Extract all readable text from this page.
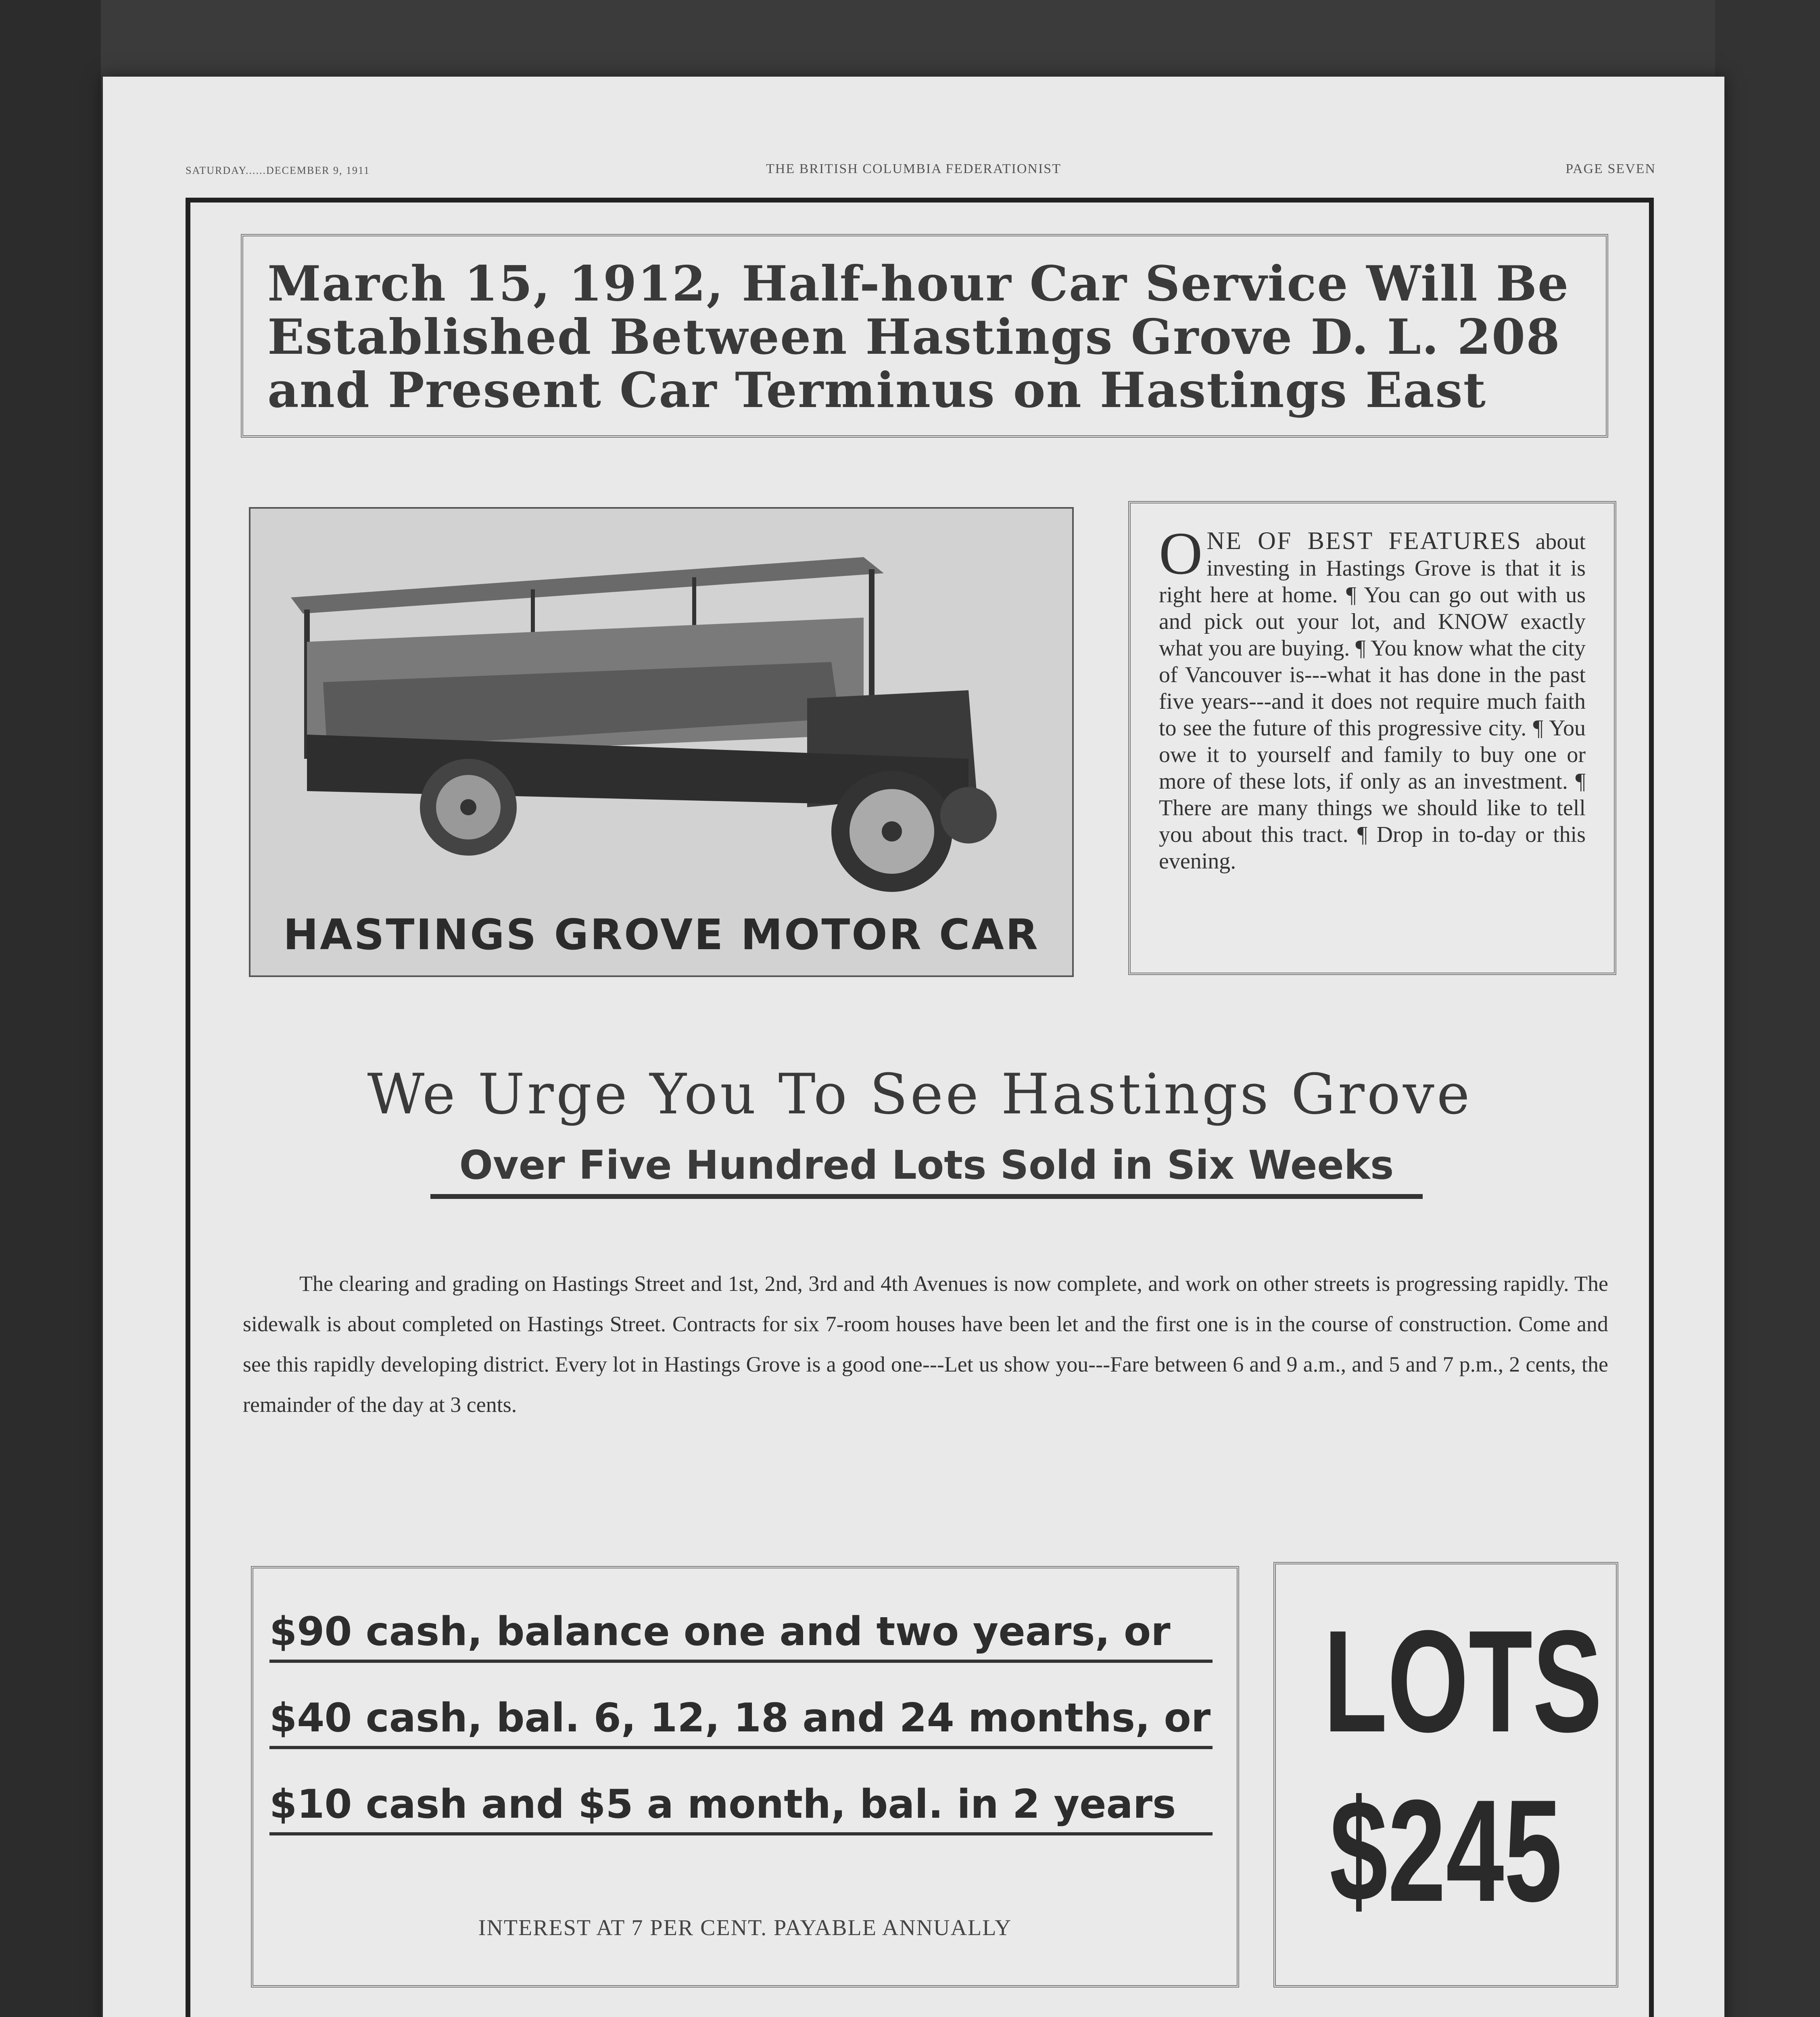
SATURDAY......DECEMBER 9, 1911	THE BRITISH COLUMBIA FEDERATIONIST	PAGE SEVEN
March 15, 1912, Half-hour Car Service Will Be Established Between Hastings Grove D. L. 208 and Present Car Terminus on Hastings East
HASTINGS GROVE MOTOR CAR
O NE OF BEST FEATURES about investing in Hastings Grove is that it is right here at home. ¶ You can go out with us and pick out your lot, and KNOW exactly what you are buying. ¶ You know what the city of Vancouver is---what it has done in the past five years---and it does not require much faith to see the future of this progressive city. ¶ You owe it to yourself and family to buy one or more of these lots, if only as an investment. ¶ There are many things we should like to tell you about this tract. ¶ Drop in to-day or this evening.
We Urge You To See Hastings Grove
Over Five Hundred Lots Sold in Six Weeks
The clearing and grading on Hastings Street and 1st, 2nd, 3rd and 4th Avenues is now complete, and work on other streets is progressing rapidly. The sidewalk is about completed on Hastings Street. Contracts for six 7-room houses have been let and the first one is in the course of construction. Come and see this rapidly developing district. Every lot in Hastings Grove is a good one---Let us show you---Fare between 6 and 9 a.m., and 5 and 7 p.m., 2 cents, the remainder of the day at 3 cents.
$90 cash, balance one and two years, or
$40 cash, bal. 6, 12, 18 and 24 months, or
$10 cash and $5 a month, bal. in 2 years
INTEREST AT 7 PER CENT. PAYABLE ANNUALLY
LOTS
$245
